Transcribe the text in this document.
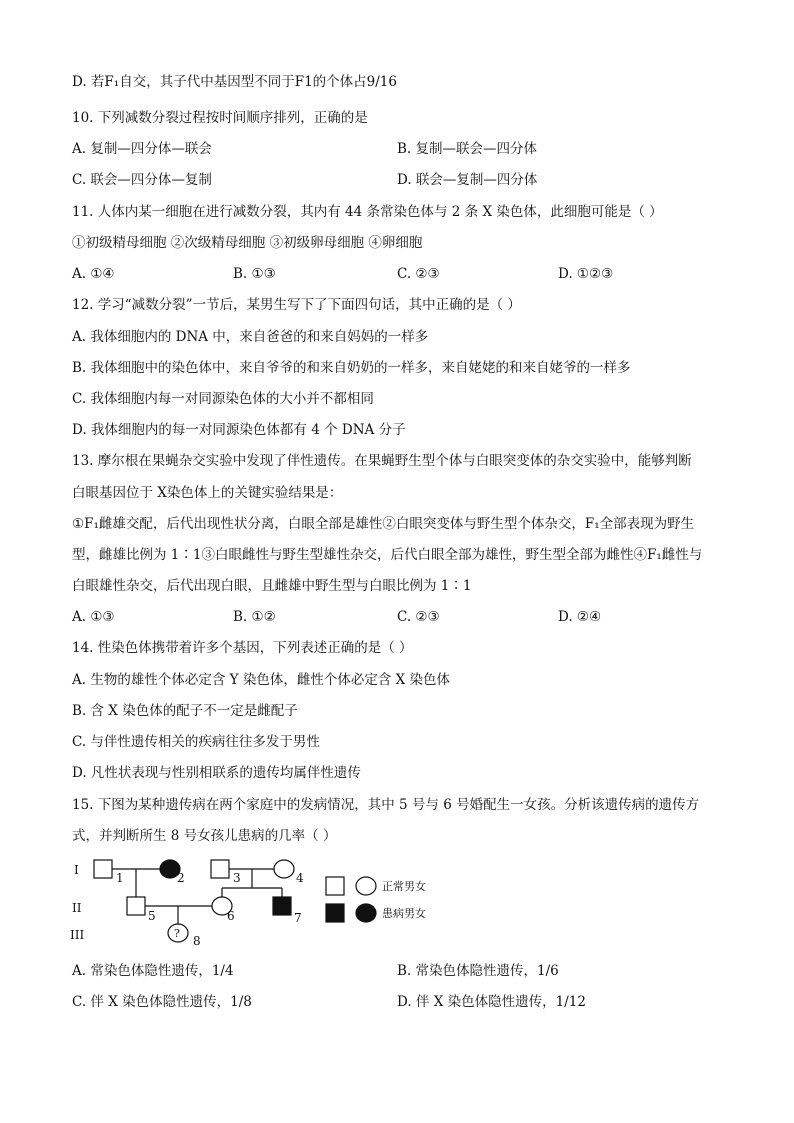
D. 若F₁自交，其子代中基因型不同于F1的个体占9/16
10. 下列减数分裂过程按时间顺序排列，正确的是
A. 复制—四分体—联会	B. 复制—联会—四分体
C. 联会—四分体—复制	D. 联会—复制—四分体
11. 人体内某一细胞在进行减数分裂，其内有 44 条常染色体与 2 条 X 染色体，此细胞可能是（ ）
①初级精母细胞 ②次级精母细胞 ③初级卵母细胞 ④卵细胞
A. ①④	B. ①③	C. ②③	D. ①②③
12. 学习“减数分裂”一节后，某男生写下了下面四句话，其中正确的是（ ）
A. 我体细胞内的 DNA 中，来自爸爸的和来自妈妈的一样多
B. 我体细胞中的染色体中，来自爷爷的和来自奶奶的一样多，来自姥姥的和来自姥爷的一样多
C. 我体细胞内每一对同源染色体的大小并不都相同
D. 我体细胞内的每一对同源染色体都有 4 个 DNA 分子
13. 摩尔根在果蝇杂交实验中发现了伴性遗传。在果蝇野生型个体与白眼突变体的杂交实验中，能够判断
白眼基因位于 X染色体上的关键实验结果是：
①F₁雌雄交配，后代出现性状分离，白眼全部是雄性②白眼突变体与野生型个体杂交，F₁全部表现为野生
型，雌雄比例为 1∶1③白眼雌性与野生型雄性杂交，后代白眼全部为雄性，野生型全部为雌性④F₁雌性与
白眼雄性杂交，后代出现白眼，且雌雄中野生型与白眼比例为 1∶1
A. ①③	B. ①②	C. ②③	D. ②④
14. 性染色体携带着许多个基因，下列表述正确的是（ ）
A. 生物的雄性个体必定含 Y 染色体，雌性个体必定含 X 染色体
B. 含 X 染色体的配子不一定是雌配子
C. 与伴性遗传相关的疾病往往多发于男性
D. 凡性状表现与性别相联系的遗传均属伴性遗传
15. 下图为某种遗传病在两个家庭中的发病情况，其中 5 号与 6 号婚配生一女孩。分析该遗传病的遗传方
式，并判断所生 8 号女孩儿患病的几率（ ）
I
II
III
1	2	3	4
5	6	7
8
?
正常男女
患病男女
A. 常染色体隐性遗传，1/4	B. 常染色体隐性遗传，1/6
C. 伴 X 染色体隐性遗传，1/8	D. 伴 X 染色体隐性遗传，1/12
